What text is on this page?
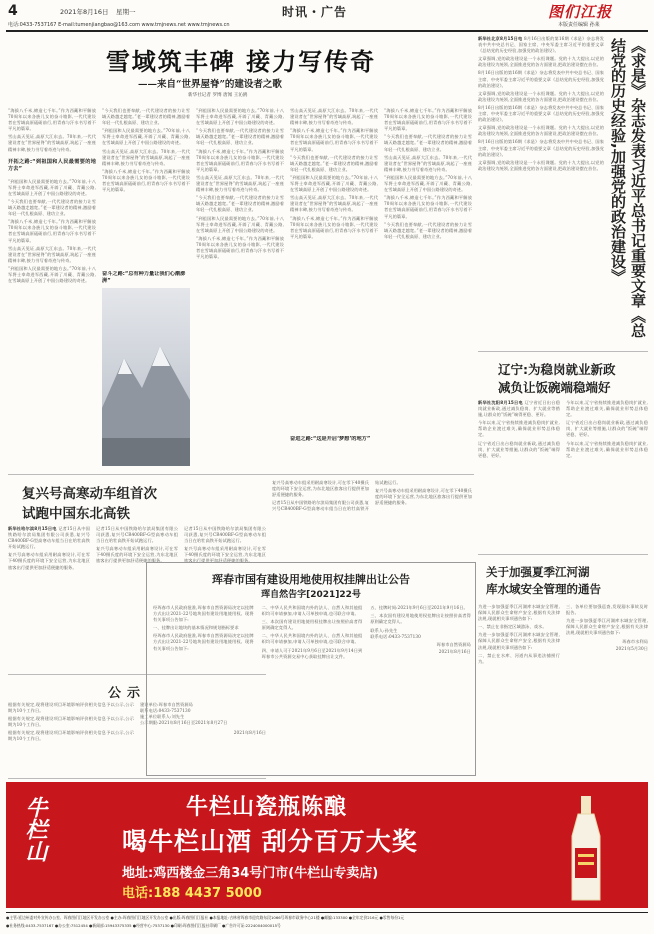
4	2021年8月16日 星期一	时讯・广告	图们江报
电话:0433-7537167 E-mail:tumenjiangbao@163.com www.tmjnews.net www.tmjnews.cn	本版责任编辑 孙莱
雪域筑丰碑 接力写传奇
——来自“世界屋脊”的建设者之歌
新华社记者 罗博 唐闻 王沁鸥

“海拔八千米,缔造七千年。”作为西藏和平解放70周年以来各族儿女的奋斗缩影,一代代建设者在雪域高原砥砺前行,用青春与汗水书写着不平凡的篇章。

雪山高天见证,高原大江东去。70年来,一代代建设者在“世界屋脊”的雪域高原,筑起了一座座精神丰碑,接力书写着奇迹与传奇。

开拓之路:“到祖国和人民最需要的地方去”

“到祖国和人民最需要的地方去。”70年前,十八军将士奉命进军西藏,开辟了川藏、青藏公路,在雪域高原上开创了中国公路建设的奇迹。

“今天我们也要奉献,一代代建设者的接力让雪域天路越走越宽。”老一辈建设者的精神,激励着年轻一代扎根高原、建功立业。

“海拔八千米,缔造七千年。”作为西藏和平解放70周年以来各族儿女的奋斗缩影,一代代建设者在雪域高原砥砺前行,用青春与汗水书写着不平凡的篇章。

雪山高天见证,高原大江东去。70年来,一代代建设者在“世界屋脊”的雪域高原,筑起了一座座精神丰碑,接力书写着奇迹与传奇。

“到祖国和人民最需要的地方去。”70年前,十八军将士奉命进军西藏,开辟了川藏、青藏公路,在雪域高原上开创了中国公路建设的奇迹。

“今天我们也要奉献,一代代建设者的接力让雪域天路越走越宽。”老一辈建设者的精神,激励着年轻一代扎根高原、建功立业。

“到祖国和人民最需要的地方去。”70年前,十八军将士奉命进军西藏,开辟了川藏、青藏公路,在雪域高原上开创了中国公路建设的奇迹。

雪山高天见证,高原大江东去。70年来,一代代建设者在“世界屋脊”的雪域高原,筑起了一座座精神丰碑,接力书写着奇迹与传奇。

“海拔八千米,缔造七千年。”作为西藏和平解放70周年以来各族儿女的奋斗缩影,一代代建设者在雪域高原砥砺前行,用青春与汗水书写着不平凡的篇章。

“到祖国和人民最需要的地方去。”70年前,十八军将士奉命进军西藏,开辟了川藏、青藏公路,在雪域高原上开创了中国公路建设的奇迹。

“今天我们也要奉献,一代代建设者的接力让雪域天路越走越宽。”老一辈建设者的精神,激励着年轻一代扎根高原、建功立业。

“海拔八千米,缔造七千年。”作为西藏和平解放70周年以来各族儿女的奋斗缩影,一代代建设者在雪域高原砥砺前行,用青春与汗水书写着不平凡的篇章。

雪山高天见证,高原大江东去。70年来,一代代建设者在“世界屋脊”的雪域高原,筑起了一座座精神丰碑,接力书写着奇迹与传奇。

“今天我们也要奉献,一代代建设者的接力让雪域天路越走越宽。”老一辈建设者的精神,激励着年轻一代扎根高原、建功立业。

“到祖国和人民最需要的地方去。”70年前,十八军将士奉命进军西藏,开辟了川藏、青藏公路,在雪域高原上开创了中国公路建设的奇迹。

“海拔八千米,缔造七千年。”作为西藏和平解放70周年以来各族儿女的奋斗缩影,一代代建设者在雪域高原砥砺前行,用青春与汗水书写着不平凡的篇章。

雪山高天见证,高原大江东去。70年来,一代代建设者在“世界屋脊”的雪域高原,筑起了一座座精神丰碑,接力书写着奇迹与传奇。

“海拔八千米,缔造七千年。”作为西藏和平解放70周年以来各族儿女的奋斗缩影,一代代建设者在雪域高原砥砺前行,用青春与汗水书写着不平凡的篇章。

“今天我们也要奉献,一代代建设者的接力让雪域天路越走越宽。”老一辈建设者的精神,激励着年轻一代扎根高原、建功立业。

“到祖国和人民最需要的地方去。”70年前,十八军将士奉命进军西藏,开辟了川藏、青藏公路,在雪域高原上开创了中国公路建设的奇迹。

雪山高天见证,高原大江东去。70年来,一代代建设者在“世界屋脊”的雪域高原,筑起了一座座精神丰碑,接力书写着奇迹与传奇。

“海拔八千米,缔造七千年。”作为西藏和平解放70周年以来各族儿女的奋斗缩影,一代代建设者在雪域高原砥砺前行,用青春与汗水书写着不平凡的篇章。

“海拔八千米,缔造七千年。”作为西藏和平解放70周年以来各族儿女的奋斗缩影,一代代建设者在雪域高原砥砺前行,用青春与汗水书写着不平凡的篇章。

“今天我们也要奉献,一代代建设者的接力让雪域天路越走越宽。”老一辈建设者的精神,激励着年轻一代扎根高原、建功立业。

雪山高天见证,高原大江东去。70年来,一代代建设者在“世界屋脊”的雪域高原,筑起了一座座精神丰碑,接力书写着奇迹与传奇。

“到祖国和人民最需要的地方去。”70年前,十八军将士奉命进军西藏,开辟了川藏、青藏公路,在雪域高原上开创了中国公路建设的奇迹。

“海拔八千米,缔造七千年。”作为西藏和平解放70周年以来各族儿女的奋斗缩影,一代代建设者在雪域高原砥砺前行,用青春与汗水书写着不平凡的篇章。

“今天我们也要奉献,一代代建设者的接力让雪域天路越走越宽。”老一辈建设者的精神,激励着年轻一代扎根高原、建功立业。

奋斗之路:“总有种力量让我们心潮澎湃”
奋进之路:“这是开启‘梦想’的地方”
新华社北京8月15日电 8月16日出版的第16期《求是》杂志将发表中共中央总书记、国家主席、中央军委主席习近平的重要文章《总结党的历史经验,加强党的政治建设》。

文章强调,党的政治建设是一个永恒课题。党的十九大提出,以党的政治建设为统领,全面推进党的各方面建设,把政治建设摆在首位。

8月16日出版的第16期《求是》杂志将发表中共中央总书记、国家主席、中央军委主席习近平的重要文章《总结党的历史经验,加强党的政治建设》。

文章强调,党的政治建设是一个永恒课题。党的十九大提出,以党的政治建设为统领,全面推进党的各方面建设,把政治建设摆在首位。

8月16日出版的第16期《求是》杂志将发表中共中央总书记、国家主席、中央军委主席习近平的重要文章《总结党的历史经验,加强党的政治建设》。

文章强调,党的政治建设是一个永恒课题。党的十九大提出,以党的政治建设为统领,全面推进党的各方面建设,把政治建设摆在首位。

8月16日出版的第16期《求是》杂志将发表中共中央总书记、国家主席、中央军委主席习近平的重要文章《总结党的历史经验,加强党的政治建设》。

文章强调,党的政治建设是一个永恒课题。党的十九大提出,以党的政治建设为统领,全面推进党的各方面建设,把政治建设摆在首位。	《求是》杂志发表习近平总书记重要文章《总结党的历史经验,加强党的政治建设》
辽宁:为稳岗就业新政
减负让饭碗端稳端好
新华社沈阳8月15日电 辽宁省近日出台稳岗就业新政,通过减负稳岗、扩大就业等措施,让群众的“饭碗”端得更稳、更好。

今年以来,辽宁省持续推进减负稳岗扩就业,帮助企业渡过难关,确保就业形势总体稳定。

辽宁省近日出台稳岗就业新政,通过减负稳岗、扩大就业等措施,让群众的“饭碗”端得更稳、更好。

今年以来,辽宁省持续推进减负稳岗扩就业,帮助企业渡过难关,确保就业形势总体稳定。

辽宁省近日出台稳岗就业新政,通过减负稳岗、扩大就业等措施,让群众的“饭碗”端得更稳、更好。

今年以来,辽宁省持续推进减负稳岗扩就业,帮助企业渡过难关,确保就业形势总体稳定。

复兴号高寒动车组首次
试跑中国东北高铁
新华社哈尔滨8月15日电 记者15日从中国铁路哈尔滨局集团有限公司获悉,复兴号CR400BF-G型高寒动车组当日在哈牡高铁开始试跑运行。

复兴号高寒动车组采用耐高寒设计,可在零下40摄氏度的环境下安全运营,为东北地区旅客出行提供更加舒适便捷的服务。

记者15日从中国铁路哈尔滨局集团有限公司获悉,复兴号CR400BF-G型高寒动车组当日在哈牡高铁开始试跑运行。

复兴号高寒动车组采用耐高寒设计,可在零下40摄氏度的环境下安全运营,为东北地区旅客出行提供更加舒适便捷的服务。

记者15日从中国铁路哈尔滨局集团有限公司获悉,复兴号CR400BF-G型高寒动车组当日在哈牡高铁开始试跑运行。

复兴号高寒动车组采用耐高寒设计,可在零下40摄氏度的环境下安全运营,为东北地区旅客出行提供更加舒适便捷的服务。

复兴号高寒动车组采用耐高寒设计,可在零下40摄氏度的环境下安全运营,为东北地区旅客出行提供更加舒适便捷的服务。

记者15日从中国铁路哈尔滨局集团有限公司获悉,复兴号CR400BF-G型高寒动车组当日在哈牡高铁开始试跑运行。

复兴号高寒动车组采用耐高寒设计,可在零下40摄氏度的环境下安全运营,为东北地区旅客出行提供更加舒适便捷的服务。

公示

根据有关规定,现将建设项目环境影响评价相关信息予以公示,公示期为10个工作日。

根据有关规定,现将建设项目环境影响评价相关信息予以公示,公示期为10个工作日。

根据有关规定,现将建设项目环境影响评价相关信息予以公示,公示期为10个工作日。

建设单位:珲春市自然资源局
联系电话:0433-7537130
施工单位联系人:刘先生
公示期限:2021年8月16日至2021年8月27日
2021年8月16日
珲春市国有建设用地使用权挂牌出让公告
珲自然告字[2021]22号

经珲春市人民政府批准,珲春市自然资源局决定以挂牌方式出让2021-22号地块国有建设用地使用权。现将有关事项公告如下:

一、挂牌出让地块的基本情况和规划指标要求

经珲春市人民政府批准,珲春市自然资源局决定以挂牌方式出让2021-22号地块国有建设用地使用权。现将有关事项公告如下:

二、中华人民共和国境内外的法人、自然人和其他组织均可申请参加,申请人可单独申请,也可联合申请。

三、本次国有建设用地使用权挂牌出让按照价高者得原则确定竞得人。

二、中华人民共和国境内外的法人、自然人和其他组织均可申请参加,申请人可单独申请,也可联合申请。

四、申请人可于2021年9月6日至2021年9月14日到珲春市公共资源交易中心获取挂牌出让文件。

五、挂牌时间:2021年9月6日至2021年9月16日。

三、本次国有建设用地使用权挂牌出让按照价高者得原则确定竞得人。

联系人:孙先生
联系电话:0433-7537130
珲春市自然资源局
2021年8月16日
关于加强夏季江河湖
库水域安全管理的通告

为进一步加强夏季江河湖库水域安全管理,保障人民群众生命财产安全,根据有关法律法规,现就相关事项通告如下:

一、禁止在非指定区域游泳、戏水。

为进一步加强夏季江河湖库水域安全管理,保障人民群众生命财产安全,根据有关法律法规,现就相关事项通告如下:

二、禁止在水库、河道内从事违法捕捞行为。

三、各单位要加强巡查,发现溺水事故及时报告。

为进一步加强夏季江河湖库水域安全管理,保障人民群众生命财产安全,根据有关法律法规,现就相关事项通告如下:

珲春市水利局
2021年5月30日
牛栏山	牛栏山瓷瓶陈酿
喝牛栏山酒 刮分百万大奖
地址:鸡西楼金三角34号门市(牛栏山专卖店)
电话:188 4437 5000
●主管:延边州委对外宣传办公室、珲春图们江地区开发办公室 ●主办:珲春图们江地区开发办公室 ●出版:珲春图们江报社 ●本报地址:吉林省珲春市迎宾路东段1066号珲春市政务中心21楼 ●邮编:133300 ●全年定价216元 ●零售每份1元
●社务热线:0433-7537167 ●办公室:7512454 ●新闻部:15943375335 ●经营中心:7537130 ●印刷:珲春图们江报社印刷厂 ●广告许可证:2224004000015号
